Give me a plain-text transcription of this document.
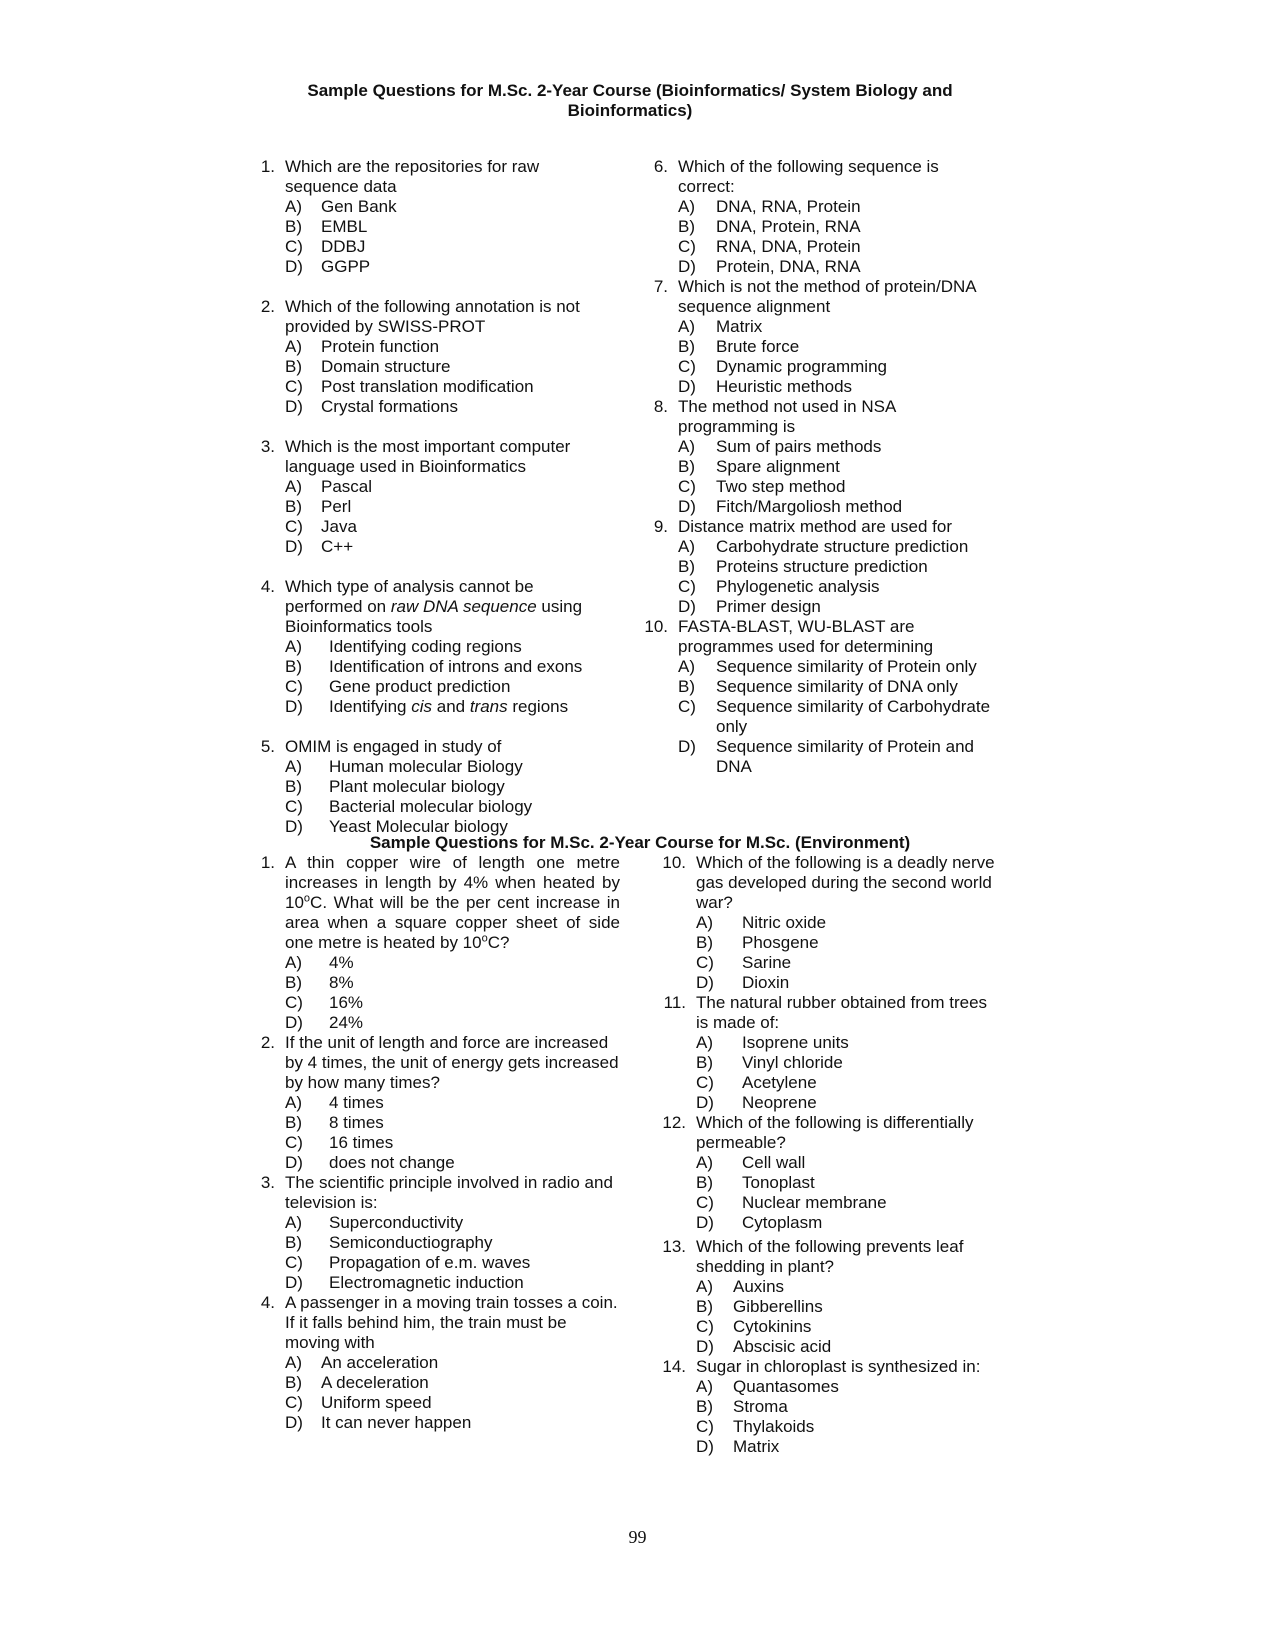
Sample Questions for M.Sc. 2-Year Course (Bioinformatics/ System Biology and
Bioinformatics)
1. Which are the repositories for raw sequence data
A)	Gen Bank
B)	EMBL
C)	DDBJ
D)	GGPP
2. Which of the following annotation is not provided by SWISS-PROT
A)	Protein function
B)	Domain structure
C)	Post translation modification
D)	Crystal formations
3. Which is the most important computer language used in Bioinformatics
A)	Pascal
B)	Perl
C)	Java
D)	C++
4. Which type of analysis cannot be performed on raw DNA sequence using Bioinformatics tools
A)	Identifying coding regions
B)	Identification of introns and exons
C)	Gene product prediction
D)	Identifying cis and trans regions
5. OMIM is engaged in study of
A)	Human molecular Biology
B)	Plant molecular biology
C)	Bacterial molecular biology
D)	Yeast Molecular biology
6. Which of the following sequence is correct:
A)	DNA, RNA, Protein
B)	DNA, Protein, RNA
C)	RNA, DNA, Protein
D)	Protein, DNA, RNA
7. Which is not the method of protein/DNA sequence alignment
A)	Matrix
B)	Brute force
C)	Dynamic programming
D)	Heuristic methods
8. The method not used in NSA programming is
A)	Sum of pairs methods
B)	Spare alignment
C)	Two step method
D)	Fitch/Margoliosh method
9. Distance matrix method are used for
A)	Carbohydrate structure prediction
B)	Proteins structure prediction
C)	Phylogenetic analysis
D)	Primer design
10. FASTA-BLAST, WU-BLAST are programmes used for determining
A)	Sequence similarity of Protein only
B)	Sequence similarity of DNA only
C)	Sequence similarity of Carbohydrate only
D)	Sequence similarity of Protein and DNA
Sample Questions for M.Sc. 2-Year Course for M.Sc. (Environment)
1. A thin copper wire of length one metre increases in length by 4% when heated by 10$^o$C. What will be the per cent increase in area when a square copper sheet of side one metre is heated by 10$^o$C?
A)	4%
B)	8%
C)	16%
D)	24%
2. If the unit of length and force are increased by 4 times, the unit of energy gets increased by how many times?
A)	4 times
B)	8 times
C)	16 times
D)	does not change
3. The scientific principle involved in radio and television is:
A)	Superconductivity
B)	Semiconductiography
C)	Propagation of e.m. waves
D)	Electromagnetic induction
4. A passenger in a moving train tosses a coin. If it falls behind him, the train must be moving with
A)	An acceleration
B)	A deceleration
C)	Uniform speed
D)	It can never happen
10. Which of the following is a deadly nerve gas developed during the second world war?
A)	Nitric oxide
B)	Phosgene
C)	Sarine
D)	Dioxin
11. The natural rubber obtained from trees is made of:
A)	Isoprene units
B)	Vinyl chloride
C)	Acetylene
D)	Neoprene
12. Which of the following is differentially permeable?
A)	Cell wall
B)	Tonoplast
C)	Nuclear membrane
D)	Cytoplasm
13. Which of the following prevents leaf shedding in plant?
A)	Auxins
B)	Gibberellins
C)	Cytokinins
D)	Abscisic acid
14. Sugar in chloroplast is synthesized in:
A)	Quantasomes
B)	Stroma
C)	Thylakoids
D)	Matrix
99
